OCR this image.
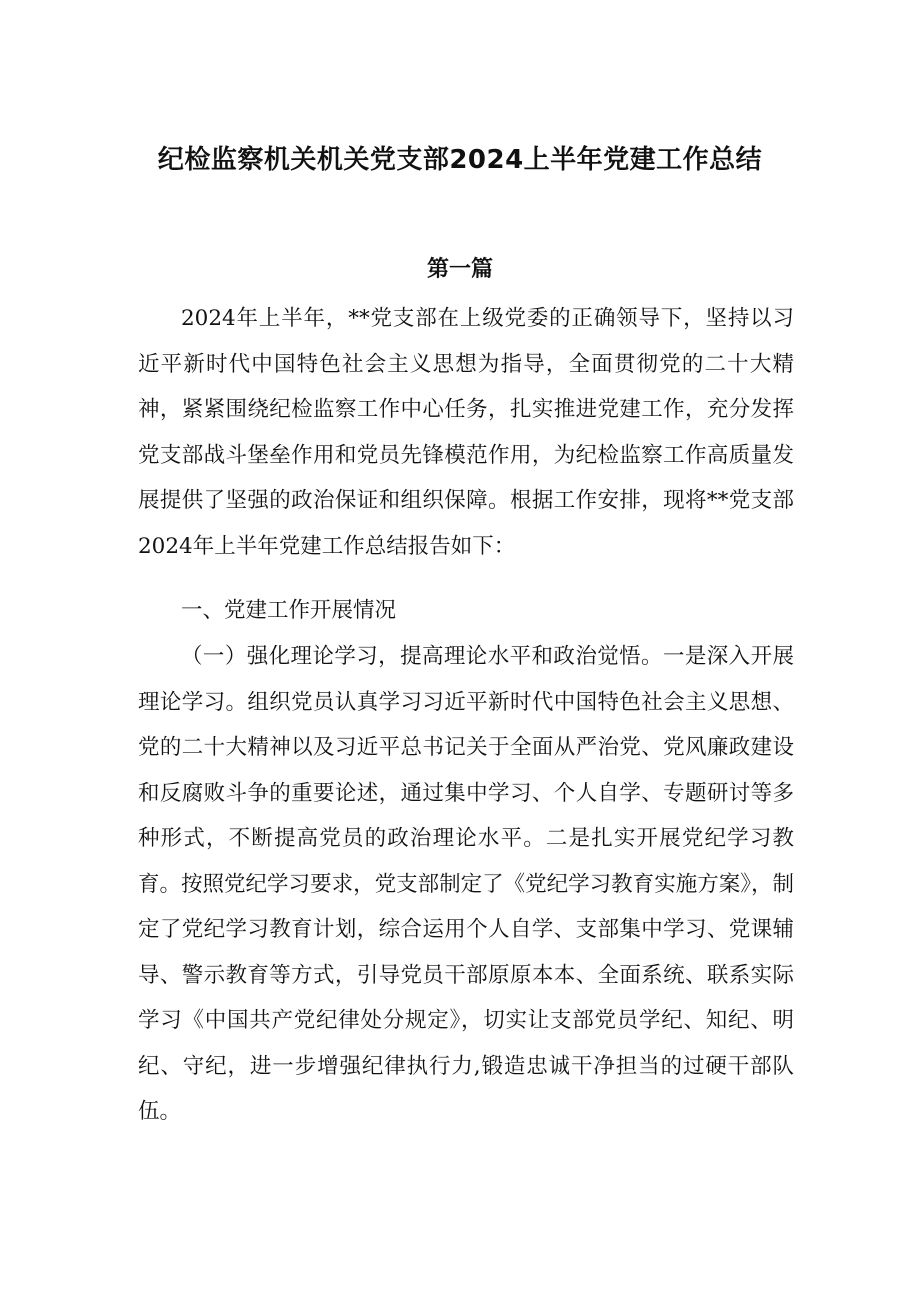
纪检监察机关机关党支部2024上半年党建工作总结
第一篇

2024年上半年，**党支部在上级党委的正确领导下，坚持以习近平新时代中国特色社会主义思想为指导，全面贯彻党的二十大精神，紧紧围绕纪检监察工作中心任务，扎实推进党建工作，充分发挥党支部战斗堡垒作用和党员先锋模范作用，为纪检监察工作高质量发展提供了坚强的政治保证和组织保障。根据工作安排，现将**党支部2024年上半年党建工作总结报告如下：

一、党建工作开展情况

（一）强化理论学习，提高理论水平和政治觉悟。一是深入开展理论学习。组织党员认真学习习近平新时代中国特色社会主义思想、党的二十大精神以及习近平总书记关于全面从严治党、党风廉政建设和反腐败斗争的重要论述，通过集中学习、个人自学、专题研讨等多种形式，不断提高党员的政治理论水平。二是扎实开展党纪学习教育。按照党纪学习要求，党支部制定了《党纪学习教育实施方案》，制定了党纪学习教育计划，综合运用个人自学、支部集中学习、党课辅导、警示教育等方式，引导党员干部原原本本、全面系统、联系实际学习《中国共产党纪律处分规定》，切实让支部党员学纪、知纪、明纪、守纪，进一步增强纪律执行力,锻造忠诚干净担当的过硬干部队伍。
